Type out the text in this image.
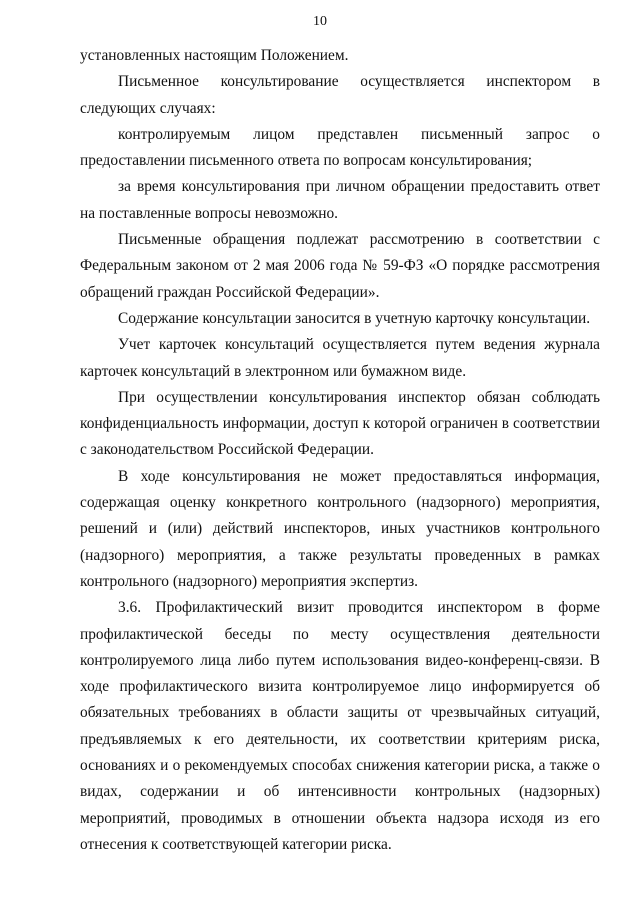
10

установленных настоящим Положением.

Письменное консультирование осуществляется инспектором в следующих случаях:

контролируемым лицом представлен письменный запрос о предоставлении письменного ответа по вопросам консультирования;

за время консультирования при личном обращении предоставить ответ на поставленные вопросы невозможно.

Письменные обращения подлежат рассмотрению в соответствии с Федеральным законом от 2 мая 2006 года № 59-ФЗ «О порядке рассмотрения обращений граждан Российской Федерации».

Содержание консультации заносится в учетную карточку консультации.

Учет карточек консультаций осуществляется путем ведения журнала карточек консультаций в электронном или бумажном виде.

При осуществлении консультирования инспектор обязан соблюдать конфиденциальность информации, доступ к которой ограничен в соответствии с законодательством Российской Федерации.

В ходе консультирования не может предоставляться информация, содержащая оценку конкретного контрольного (надзорного) мероприятия, решений и (или) действий инспекторов, иных участников контрольного (надзорного) мероприятия, а также результаты проведенных в рамках контрольного (надзорного) мероприятия экспертиз.

3.6. Профилактический визит проводится инспектором в форме профилактической беседы по месту осуществления деятельности контролируемого лица либо путем использования видео-конференц-связи. В ходе профилактического визита контролируемое лицо информируется об обязательных требованиях в области защиты от чрезвычайных ситуаций, предъявляемых к его деятельности, их соответствии критериям риска, основаниях и о рекомендуемых способах снижения категории риска, а также о видах, содержании и об интенсивности контрольных (надзорных) мероприятий, проводимых в отношении объекта надзора исходя из его отнесения к соответствующей категории риска.
